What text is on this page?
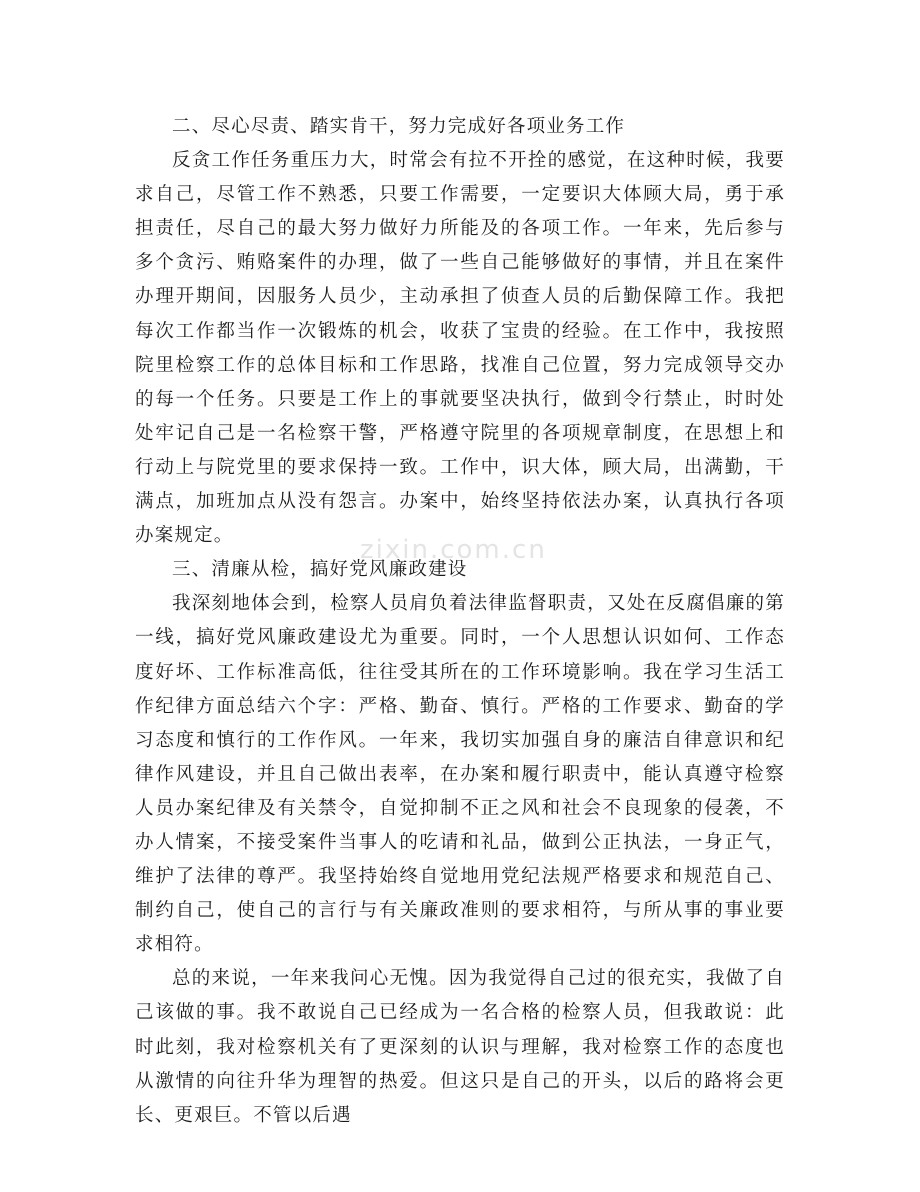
zixin.com.cn

二、尽心尽责、踏实肯干，努力完成好各项业务工作

反贪工作任务重压力大，时常会有拉不开拴的感觉，在这种时候，我要求自己，尽管工作不熟悉，只要工作需要，一定要识大体顾大局，勇于承担责任，尽自己的最大努力做好力所能及的各项工作。一年来，先后参与多个贪污、贿赂案件的办理，做了一些自己能够做好的事情，并且在案件办理开期间，因服务人员少，主动承担了侦查人员的后勤保障工作。我把每次工作都当作一次锻炼的机会，收获了宝贵的经验。在工作中，我按照院里检察工作的总体目标和工作思路，找准自己位置，努力完成领导交办的每一个任务。只要是工作上的事就要坚决执行，做到令行禁止，时时处处牢记自己是一名检察干警，严格遵守院里的各项规章制度，在思想上和行动上与院党里的要求保持一致。工作中，识大体，顾大局，出满勤，干满点，加班加点从没有怨言。办案中，始终坚持依法办案，认真执行各项办案规定。

三、清廉从检，搞好党风廉政建设

我深刻地体会到，检察人员肩负着法律监督职责，又处在反腐倡廉的第一线，搞好党风廉政建设尤为重要。同时，一个人思想认识如何、工作态度好坏、工作标准高低，往往受其所在的工作环境影响。我在学习生活工作纪律方面总结六个字：严格、勤奋、慎行。严格的工作要求、勤奋的学习态度和慎行的工作作风。一年来，我切实加强自身的廉洁自律意识和纪律作风建设，并且自己做出表率，在办案和履行职责中，能认真遵守检察人员办案纪律及有关禁令，自觉抑制不正之风和社会不良现象的侵袭，不办人情案，不接受案件当事人的吃请和礼品，做到公正执法，一身正气，维护了法律的尊严。我坚持始终自觉地用党纪法规严格要求和规范自己、制约自己，使自己的言行与有关廉政准则的要求相符，与所从事的事业要求相符。

总的来说，一年来我问心无愧。因为我觉得自己过的很充实，我做了自己该做的事。我不敢说自己已经成为一名合格的检察人员，但我敢说：此时此刻，我对检察机关有了更深刻的认识与理解，我对检察工作的态度也从激情的向往升华为理智的热爱。但这只是自己的开头，以后的路将会更长、更艰巨。不管以后遇
